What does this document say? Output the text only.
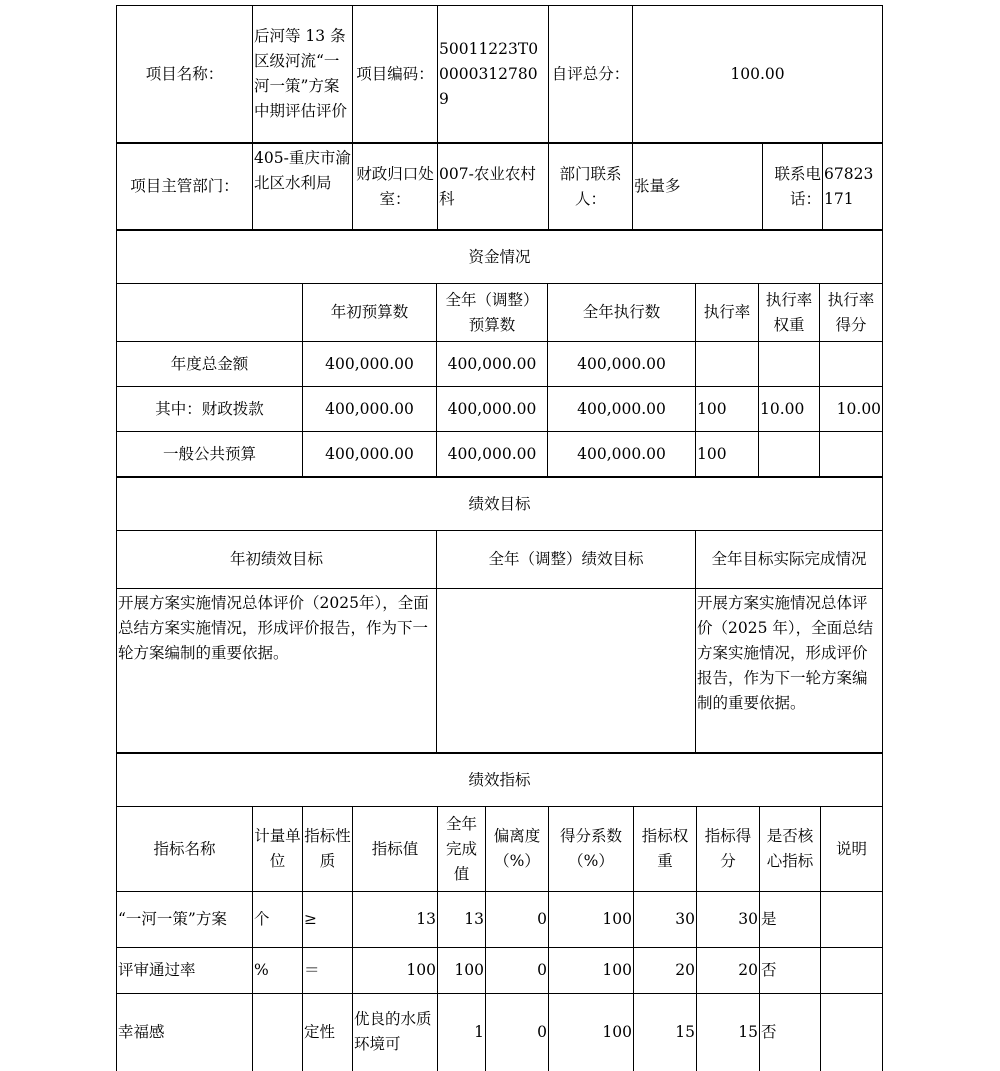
项目名称：	后河等 13 条区级河流“一河一策”方案中期评估评价	项目编码：	50011223T000003127809	自评总分：	100.00
项目主管部门：	405-重庆市渝北区水利局	财政归口处室：	007-农业农村科	部门联系人：	张量多	联系电话：	67823171
资金情况						
	年初预算数	全年（调整）预算数	全年执行数	执行率	执行率权重	执行率得分
年度总金额	400,000.00	400,000.00	400,000.00			
其中：财政拨款	400,000.00	400,000.00	400,000.00	100	10.00	10.00
一般公共预算	400,000.00	400,000.00	400,000.00	100		
绩效目标		
年初绩效目标	全年（调整）绩效目标	全年目标实际完成情况
开展方案实施情况总体评价（2025年），全面总结方案实施情况，形成评价报告，作为下一轮方案编制的重要依据。		开展方案实施情况总体评价（2025 年），全面总结方案实施情况，形成评价报告，作为下一轮方案编制的重要依据。
绩效指标										
指标名称	计量单位	指标性质	指标值	全年完成值	偏离度（%）	得分系数（%）	指标权重	指标得分	是否核心指标	说明
“一河一策”方案	个	≥	13	13	0	100	30	30	是	
评审通过率	%	＝	100	100	0	100	20	20	否	
幸福感		定性	优良的水质环境可	1	0	100	15	15	否	
